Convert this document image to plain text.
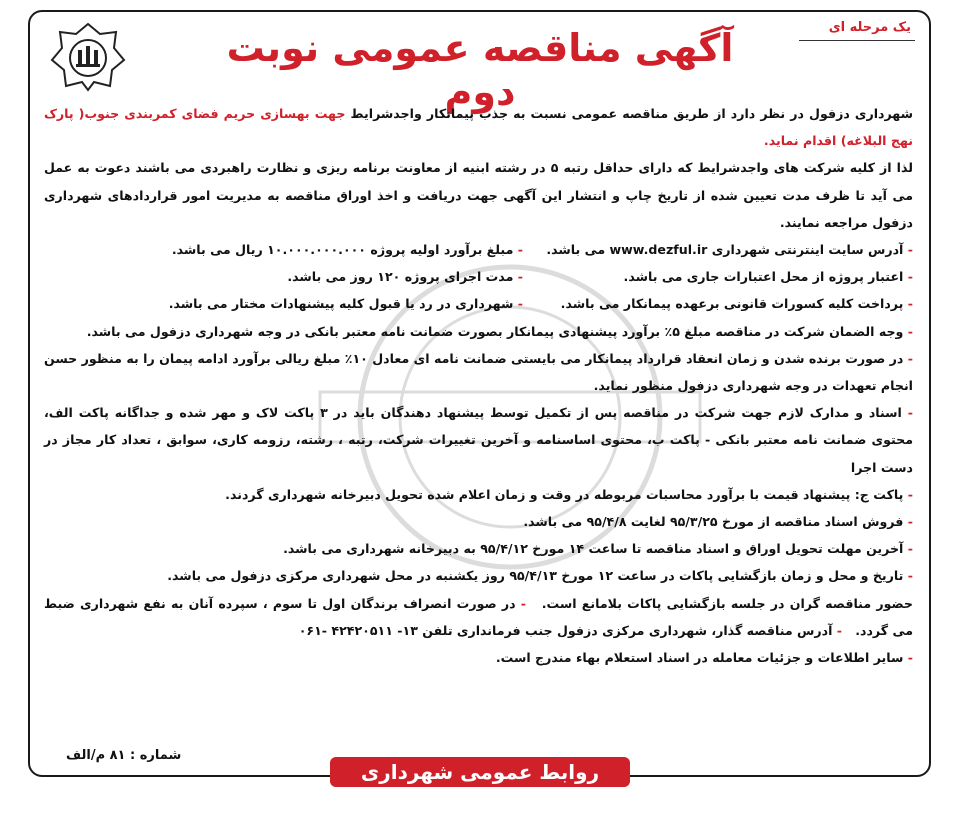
یک مرحله ای
آگهی مناقصه عمومی نوبت دوم

شهرداری دزفول در نظر دارد از طریق مناقصه عمومی نسبت به جذب پیمانکار واجدشرایط جهت بهسازی حریم فضای کمربندی جنوب( پارک نهج البلاغه) اقدام نماید.

لذا از کلیه شرکت های واجدشرایط که دارای حداقل رتبه ۵ در رشته ابنیه از معاونت برنامه ریزی و نظارت راهبردی می باشند دعوت به عمل می آید تا ظرف مدت تعیین شده از تاریخ چاپ و انتشار این آگهی جهت دریافت و اخذ اوراق مناقصه به مدیریت امور قراردادهای شهرداری دزفول مراجعه نمایند.

- آدرس سایت اینترنتی شهرداری www.dezful.ir می باشد.
- مبلغ برآورد اولیه پروژه ۱۰.۰۰۰.۰۰۰.۰۰۰ ریال می باشد.
- اعتبار پروژه از محل اعتبارات جاری می باشد.
- مدت اجرای پروژه ۱۲۰ روز می باشد.
- پرداخت کلیه کسورات قانونی برعهده پیمانکار می باشد.
- شهرداری در رد یا قبول کلیه پیشنهادات مختار می باشد.

- وجه الضمان شرکت در مناقصه مبلغ ۵٪ برآورد پیشنهادی پیمانکار بصورت ضمانت نامه معتبر بانکی در وجه شهرداری دزفول می باشد.

- در صورت برنده شدن و زمان انعقاد قرارداد پیمانکار می بایستی ضمانت نامه ای معادل ۱۰٪ مبلغ ریالی برآورد ادامه پیمان را به منظور حسن انجام تعهدات در وجه شهرداری دزفول منظور نماید.

- اسناد و مدارک لازم جهت شرکت در مناقصه پس از تکمیل توسط پیشنهاد دهندگان باید در ۳ پاکت لاک و مهر شده و جداگانه پاکت الف، محتوی ضمانت نامه معتبر بانکی - پاکت ب، محتوی اساسنامه و آخرین تغییرات شرکت، رتبه ، رشته، رزومه کاری، سوابق ، تعداد کار مجاز در دست اجرا

- پاکت ج: پیشنهاد قیمت با برآورد محاسبات مربوطه در وقت و زمان اعلام شده تحویل دبیرخانه شهرداری گردند.

- فروش اسناد مناقصه از مورخ ۹۵/۳/۲۵ لغایت ۹۵/۴/۸ می باشد.

- آخرین مهلت تحویل اوراق و اسناد مناقصه تا ساعت ۱۴ مورخ ۹۵/۴/۱۲ به دبیرخانه شهرداری می باشد.

- تاریخ و محل و زمان بازگشایی پاکات در ساعت ۱۲ مورخ ۹۵/۴/۱۳ روز یکشنبه در محل شهرداری مرکزی دزفول می باشد.

حضور مناقصه گران در جلسه بازگشایی پاکات بلامانع است.   - در صورت انصراف برندگان اول تا سوم ، سپرده آنان به نفع شهرداری ضبط می گردد.   - آدرس مناقصه گذار، شهرداری مرکزی دزفول جنب فرمانداری تلفن ۱۳- ۴۲۴۲۰۵۱۱ -۰۶۱

- سایر اطلاعات و جزئیات معامله در اسناد استعلام بهاء مندرج است.

شماره : ۸۱ م/الف
روابط عمومی شهرداری دزفول
